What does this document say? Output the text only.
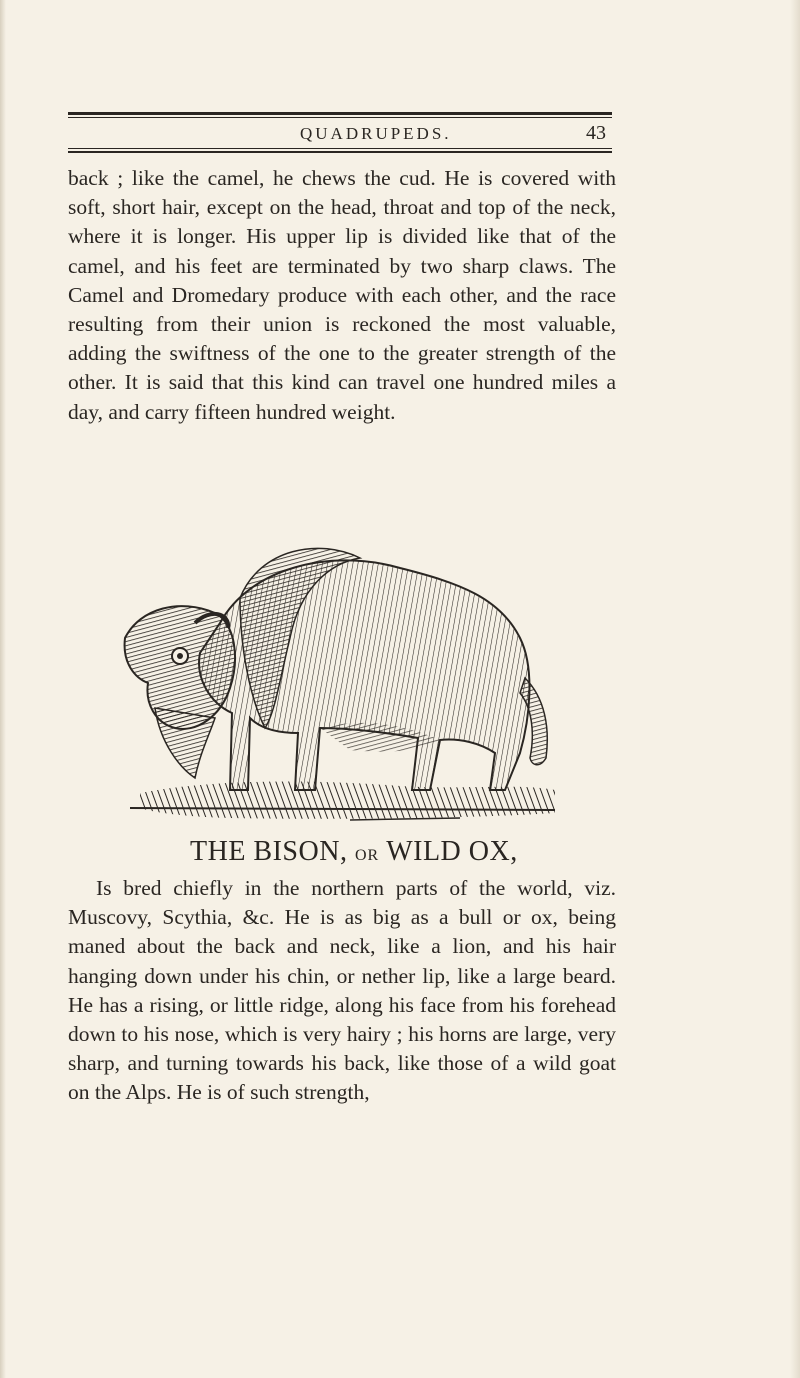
QUADRUPEDS.	43

back ; like the camel, he chews the cud. He is covered with soft, short hair, except on the head, throat and top of the neck, where it is longer. His upper lip is divided like that of the camel, and his feet are terminated by two sharp claws. The Camel and Dromedary produce with each other, and the race resulting from their union is reckoned the most valuable, adding the swiftness of the one to the greater strength of the other. It is said that this kind can travel one hundred miles a day, and carry fifteen hundred weight.

THE BISON, OR WILD OX,

Is bred chiefly in the northern parts of the world, viz. Muscovy, Scythia, &c. He is as big as a bull or ox, being maned about the back and neck, like a lion, and his hair hanging down under his chin, or nether lip, like a large beard. He has a rising, or little ridge, along his face from his forehead down to his nose, which is very hairy ; his horns are large, very sharp, and turning towards his back, like those of a wild goat on the Alps. He is of such strength,
